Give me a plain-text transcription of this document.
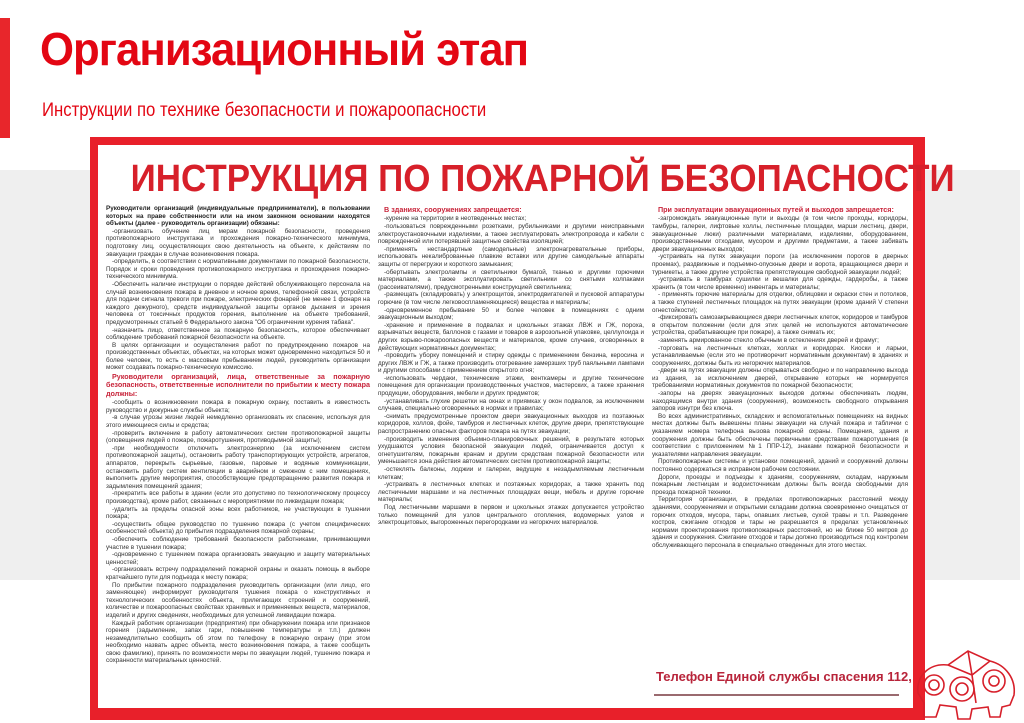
Организационный этап
Инструкции по технике безопасности и пожароопасности
ИНСТРУКЦИЯ ПО ПОЖАРНОЙ БЕЗОПАСНОСТИ

Руководители организаций (индивидуальные предприниматели), в пользовании которых на праве собственности или на ином законном основании находятся объекты (далее - руководитель организации) обязаны:

-организовать обучение лиц мерам пожарной безопасности, проведения противопожарного инструктажа и прохождения пожарно-технического минимума, подготовку лиц, осуществляющих свою деятельность на объекте, к действиям по эвакуации граждан в случае возникновения пожара.

-определить, в соответствии с нормативными документами по пожарной безопасности, Порядок и сроки проведения противопожарного инструктажа и прохождения пожарно-технического минимума.

-Обеспечить наличие инструкции о порядке действий обслуживающего персонала на случай возникновения пожара в дневное и ночное время, телефонной связи, устройств для подачи сигнала тревоги при пожаре, электрических фонарей (не менее 1 фонаря на каждого дежурного), средств индивидуальной защиты органов дыхания и зрения человека от токсичных продуктов горения, выполнение на объекте требований, предусмотренных статьей 6 Федерального закона "Об ограничении курения табака".

-назначить лицо, ответственное за пожарную безопасность, которое обеспечивает соблюдение требований пожарной безопасности на объекте.

В целях организации и осуществления работ по предупреждению пожаров на производственных объектах, объектах, на которых может одновременно находиться 50 и более человек, то есть с массовым пребыванием людей, руководитель организации может создавать пожарно-техническую комиссию.

Руководители организаций, лица, ответственные за пожарную безопасность, ответственные исполнители по прибытии к месту пожара должны:

-сообщить о возникновении пожара в пожарную охрану, поставить в известность руководство и дежурные службы объекта;

-в случае угрозы жизни людей немедленно организовать их спасение, используя для этого имеющиеся силы и средства;

-проверить включение в работу автоматических систем противопожарной защиты (оповещения людей о пожаре, пожаротушения, противодымной защиты);

-при необходимости отключить электроэнергию (за исключением систем противопожарной защиты), остановить работу транспортирующих устройств, агрегатов, аппаратов, перекрыть сырьевые, газовые, паровые и водяные коммуникации, остановить работу систем вентиляции в аварийном и смежном с ним помещениях, выполнить другие мероприятия, способствующие предотвращению развития пожара и задымления помещений здания;

-прекратить все работы в здании (если это допустимо по технологическому процессу производства), кроме работ, связанных с мероприятиями по ликвидации пожара;

-удалить за пределы опасной зоны всех работников, не участвующих в тушении пожара;

-осуществить общее руководство по тушению пожара (с учетом специфических особенностей объекта) до прибытия подразделения пожарной охраны;

-обеспечить соблюдение требований безопасности работниками, принимающими участие в тушении пожара;

-одновременно с тушением пожара организовать эвакуацию и защиту материальных ценностей;

-организовать встречу подразделений пожарной охраны и оказать помощь в выборе кратчайшего пути для подъезда к месту пожара;

По прибытии пожарного подразделения руководитель организации (или лицо, его заменяющее) информирует руководителя тушения пожара о конструктивных и технологических особенностях объекта, прилегающих строений и сооружений, количестве и пожароопасных свойствах хранимых и применяемых веществ, материалов, изделий и других сведениях, необходимых для успешной ликвидации пожара.

Каждый работник организации (предприятия) при обнаружении пожара или признаков горения (задымление, запах гари, повышение температуры и т.п.) должен незамедлительно сообщить об этом по телефону в пожарную охрану (при этом необходимо назвать адрес объекта, место возникновения пожара, а также сообщить свою фамилию), принять по возможности меры по эвакуации людей, тушению пожара и сохранности материальных ценностей.

В зданиях, сооружениях запрещается:

-курение на территории в неотведенных местах;

-пользоваться поврежденными розетками, рубильниками и другими неисправными электроустановочными изделиями, а также эксплуатировать электропровода и кабели с поврежденной или потерявшей защитные свойства изоляцией;

-применять нестандартные (самодельные) электронагревательные приборы, использовать некалиброванные плавкие вставки или другие самодельные аппараты защиты от перегрузки и короткого замыкания;

-обертывать электролампы и светильники бумагой, тканью и другими горючими материалами, а также эксплуатировать светильники со снятыми колпаками (рассеивателями), предусмотренными конструкцией светильника;

-размещать (складировать) у электрощитов, электродвигателей и пусковой аппаратуры горючие (в том числе легковоспламеняющиеся) вещества и материалы;

-одновременное пребывание 50 и более человек в помещениях с одним эвакуационным выходом;

-хранение и применение в подвалах и цокольных этажах ЛВЖ и ГЖ, пороха, взрывчатых веществ, баллонов с газами и товаров в аэрозольной упаковке, целлулоида и других взрыво-пожароопасных веществ и материалов, кроме случаев, оговоренных в действующих нормативных документах;

-проводить уборку помещений и стирку одежды с применением бензина, керосина и других ЛВЖ и ГЖ, а также производить отогревание замерзших труб паяльными лампами и другими способами с применением открытого огня;

-использовать чердаки, технические этажи, венткамеры и другие технические помещения для организации производственных участков, мастерских, а также хранения продукции, оборудования, мебели и других предметов;

-устанавливать глухие решетки на окнах и приямках у окон подвалов, за исключением случаев, специально оговоренных в нормах и правилах;

-снимать предусмотренные проектом двери эвакуационных выходов из поэтажных коридоров, холлов, фойе, тамбуров и лестничных клеток, другие двери, препятствующие распространению опасных факторов пожара на путях эвакуации;

-производить изменения объемно-планировочных решений, в результате которых ухудшаются условия безопасной эвакуации людей, ограничивается доступ к огнетушителям, пожарным кранам и другим средствам пожарной безопасности или уменьшается зона действия автоматических систем противопожарной защиты;

-остеклять балконы, лоджии и галереи, ведущие к незадымляемым лестничным клеткам;

-устраивать в лестничных клетках и поэтажных коридорах, а также хранить под лестничными маршами и на лестничных площадках вещи, мебель и другие горючие материалы;

Под лестничными маршами в первом и цокольных этажах допускается устройство только помещений для узлов центрального отопления, водомерных узлов и электрощитовых, выгороженных перегородками из негорючих материалов.

При эксплуатации эвакуационных путей и выходов запрещается:

-загромождать эвакуационные пути и выходы (в том числе проходы, коридоры, тамбуры, галереи, лифтовые холлы, лестничные площадки, марши лестниц, двери, эвакуационные люки) различными материалами, изделиями, оборудованием, производственными отходами, мусором и другими предметами, а также забивать двери эвакуационных выходов;

-устраивать на путях эвакуации пороги (за исключением порогов в дверных проемах), раздвижные и подъемно-опускные двери и ворота, вращающиеся двери и турникеты, а также другие устройства препятствующие свободной эвакуации людей;

-устраивать в тамбурах сушилки и вешалки для одежды, гардеробы, а также хранить (в том числе временно) инвентарь и материалы;

- применять горючие материалы для отделки, облицовки и окраски стен и потолков, а также ступеней лестничных площадок на путях эвакуации (кроме зданий V степени огнестойкости);

-фиксировать самозакрывающиеся двери лестничных клеток, коридоров и тамбуров в открытом положении (если для этих целей не используются автоматические устройства, срабатывающие при пожаре), а также снимать их;

-заменять армированное стекло обычным в остеклениях дверей и фрамуг;

-торговать на лестничных клетках, холлах и коридорах. Киоски и ларьки, устанавливаемые (если это не противоречит нормативным документам) в зданиях и сооружениях, должны быть из негорючих материалов.

-двери на путях эвакуации должны открываться свободно и по направлению выхода из здания, за исключением дверей, открывание которых не нормируется требованиями нормативных документов по пожарной безопасности;

-запоры на дверях эвакуационных выходов должны обеспечивать людям, находящимся внутри здания (сооружения), возможность свободного открывания запоров изнутри без ключа.

Во всех административных, складских и вспомогательных помещениях на видных местах должны быть вывешены планы эвакуации на случай пожара и таблички с указанием номера телефона вызова пожарной охраны. Помещения, здания и сооружения должны быть обеспечены первичными средствами пожаротушения (в соответствии с приложением №1 ППР-12), знаками пожарной безопасности и указателями направления эвакуации.

Противопожарные системы и установки помещений, зданий и сооружений должны постоянно содержаться в исправном рабочем состоянии.

Дороги, проезды и подъезды к зданиям, сооружениям, складам, наружным пожарным лестницам и водоисточникам должны быть всегда свободными для проезда пожарной техники.

Территория организации, в пределах противопожарных расстояний между зданиями, сооружениями и открытыми складами должна своевременно очищаться от горючих отходов, мусора, тары, опавших листьев, сухой травы и т.п. Разведение костров, сжигание отходов и тары не разрешается в пределах установленных нормами проектирования противопожарных расстояний, но не ближе 50 метров до здания и сооружения. Сжигание отходов и тары должно производиться под контролем обслуживающего персонала в специально отведенных для этого местах.

Телефон Единой службы спасения 112,
